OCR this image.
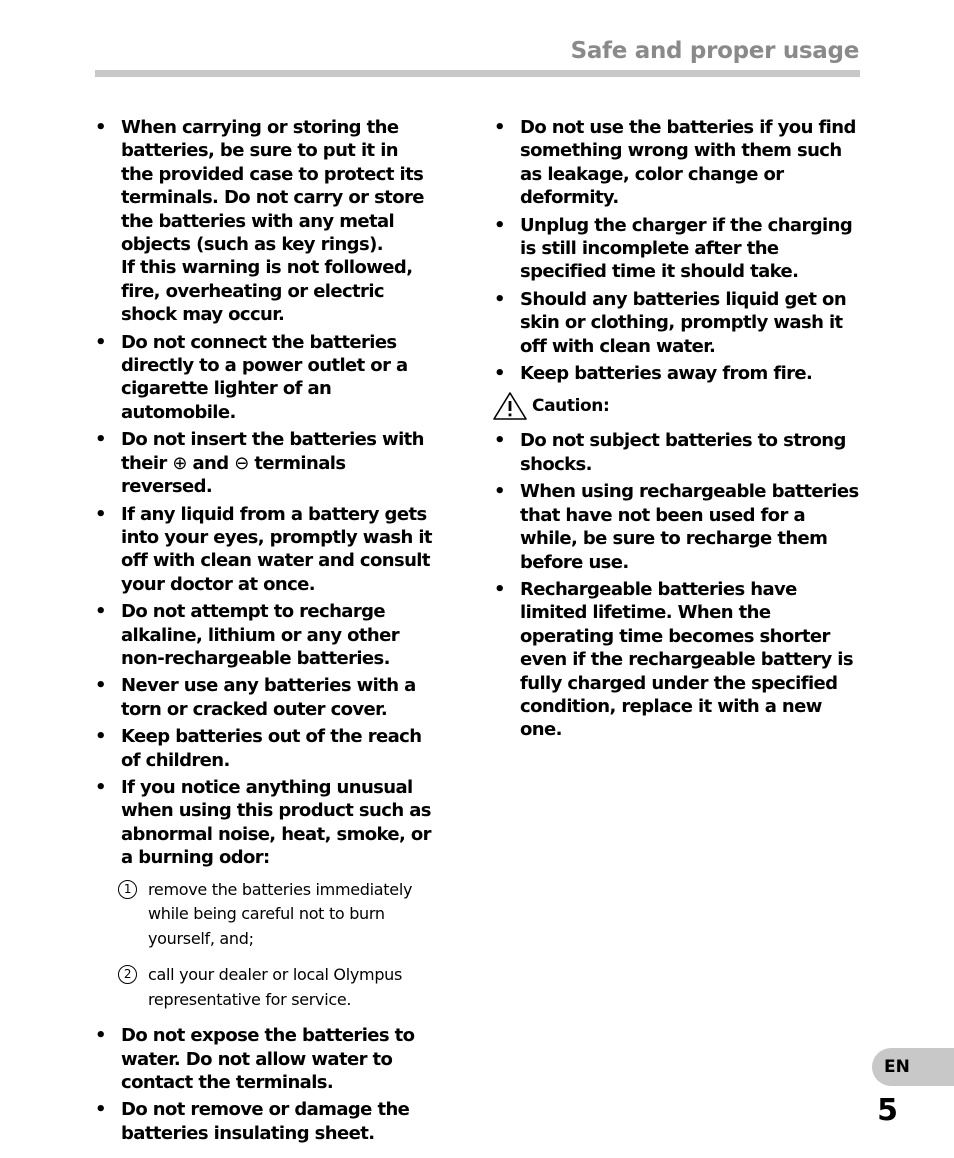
Safe and proper usage
• When carrying or storing the batteries, be sure to put it in the provided case to protect its terminals. Do not carry or store the batteries with any metal objects (such as key rings).
If this warning is not followed, fire, overheating or electric shock may occur.
• Do not connect the batteries directly to a power outlet or a cigarette lighter of an automobile.
• Do not insert the batteries with their ⊕ and ⊖ terminals reversed.
• If any liquid from a battery gets into your eyes, promptly wash it off with clean water and consult your doctor at once.
• Do not attempt to recharge alkaline, lithium or any other non-rechargeable batteries.
• Never use any batteries with a torn or cracked outer cover.
• Keep batteries out of the reach of children.
• If you notice anything unusual when using this product such as abnormal noise, heat, smoke, or a burning odor:
1	remove the batteries immediately while being careful not to burn yourself, and;
2	call your dealer or local Olympus representative for service.
• Do not expose the batteries to water. Do not allow water to contact the terminals.
• Do not remove or damage the batteries insulating sheet.
• Do not use the batteries if you find something wrong with them such as leakage, color change or deformity.
• Unplug the charger if the charging is still incomplete after the specified time it should take.
• Should any batteries liquid get on skin or clothing, promptly wash it off with clean water.
• Keep batteries away from fire.
Caution:
• Do not subject batteries to strong shocks.
• When using rechargeable batteries that have not been used for a while, be sure to recharge them before use.
• Rechargeable batteries have limited lifetime. When the operating time becomes shorter even if the rechargeable battery is fully charged under the specified condition, replace it with a new one.
EN
5
